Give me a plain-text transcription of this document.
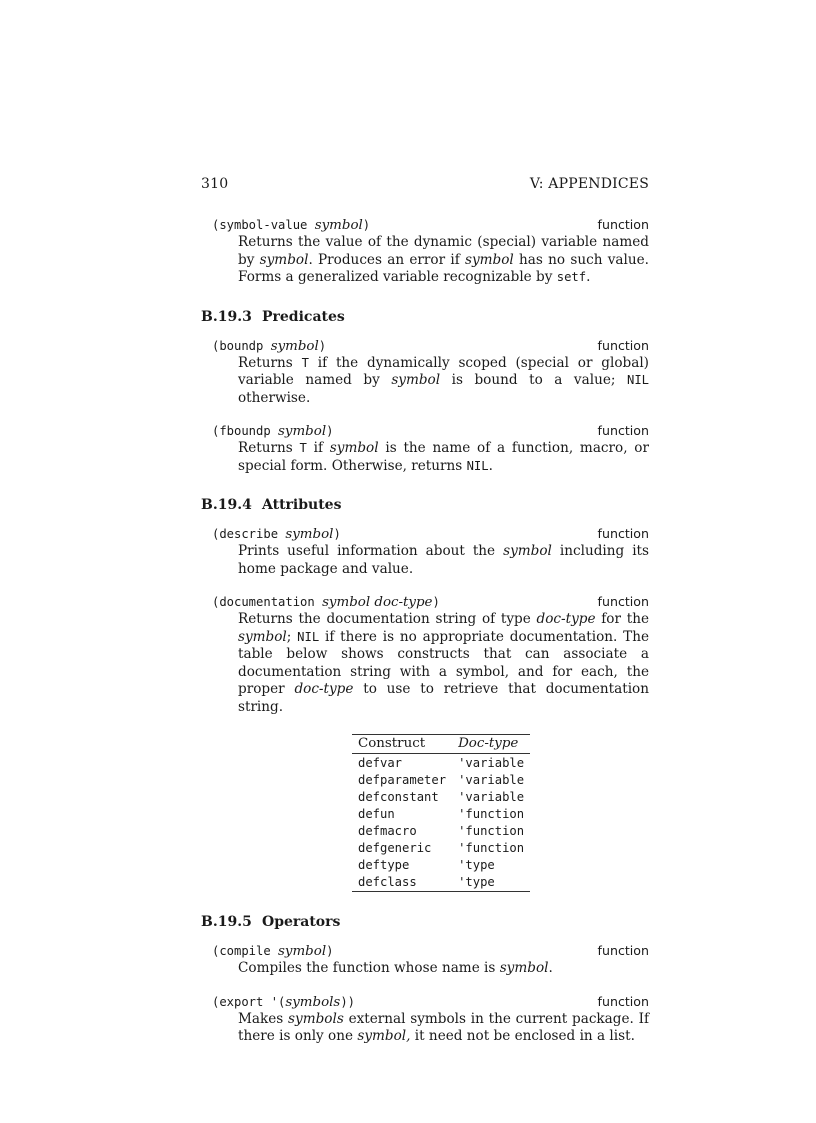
310	V: APPENDICES
(symbol-value symbol)	function
Returns the value of the dynamic (special) variable named by symbol. Produces an error if symbol has no such value. Forms a generalized variable recognizable by setf.
B.19.3 Predicates
(boundp symbol)	function
Returns T if the dynamically scoped (special or global) variable named by symbol is bound to a value; NIL otherwise.
(fboundp symbol)	function
Returns T if symbol is the name of a function, macro, or special form. Otherwise, returns NIL.
B.19.4 Attributes
(describe symbol)	function
Prints useful information about the symbol including its home package and value.
(documentation symbol doc-type)	function
Returns the documentation string of type doc-type for the symbol; NIL if there is no appropriate documentation. The table below shows constructs that can associate a documentation string with a symbol, and for each, the proper doc-type to use to retrieve that documentation string.
Construct	Doc-type
defvar	'variable
defparameter	'variable
defconstant	'variable
defun	'function
defmacro	'function
defgeneric	'function
deftype	'type
defclass	'type
B.19.5 Operators
(compile symbol)	function
Compiles the function whose name is symbol.
(export '(symbols))	function
Makes symbols external symbols in the current package. If there is only one symbol, it need not be enclosed in a list.
